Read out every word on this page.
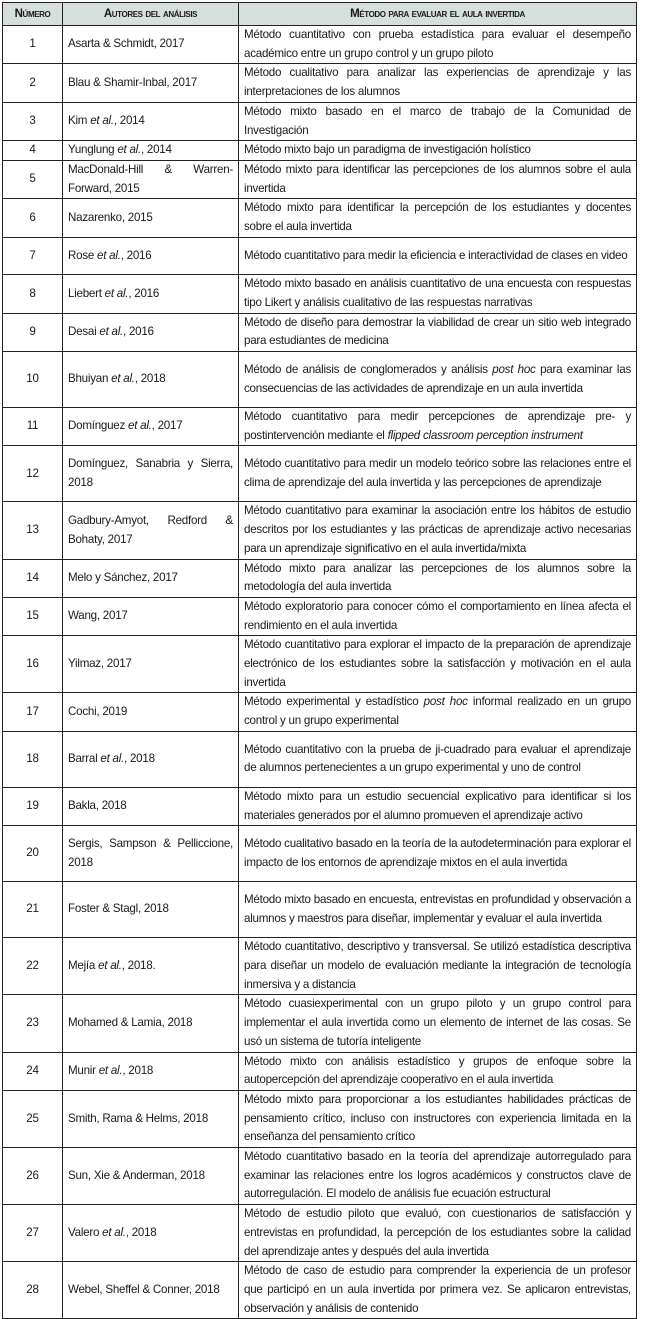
Número	Autores del análisis	Método para evaluar el aula invertida
1	Asarta & Schmidt, 2017	Método cuantitativo con prueba estadística para evaluar el desempeño académico entre un grupo control y un grupo piloto
2	Blau & Shamir-Inbal, 2017	Método cualitativo para analizar las experiencias de aprendizaje y las interpretaciones de los alumnos
3	Kim et al., 2014	Método mixto basado en el marco de trabajo de la Comunidad de Investigación
4	Yunglung et al., 2014	Método mixto bajo un paradigma de investigación holístico
5	MacDonald-Hill & Warren-Forward, 2015	Método mixto para identificar las percepciones de los alumnos sobre el aula invertida
6	Nazarenko, 2015	Método mixto para identificar la percepción de los estudiantes y docentes sobre el aula invertida
7	Rose et al., 2016	Método cuantitativo para medir la eficiencia e interactividad de clases en video
8	Liebert et al., 2016	Método mixto basado en análisis cuantitativo de una encuesta con respuestas tipo Likert y análisis cualitativo de las respuestas narrativas
9	Desai et al., 2016	Método de diseño para demostrar la viabilidad de crear un sitio web integrado para estudiantes de medicina
10	Bhuiyan et al., 2018	Método de análisis de conglomerados y análisis post hoc para examinar las consecuencias de las actividades de aprendizaje en un aula invertida
11	Domínguez et al., 2017	Método cuantitativo para medir percepciones de aprendizaje pre- y postintervención mediante el flipped classroom perception instrument
12	Domínguez, Sanabria y Sierra, 2018	Método cuantitativo para medir un modelo teórico sobre las relaciones entre el clima de aprendizaje del aula invertida y las percepciones de aprendizaje
13	Gadbury-Amyot, Redford & Bohaty, 2017	Método cuantitativo para examinar la asociación entre los hábitos de estudio descritos por los estudiantes y las prácticas de aprendizaje activo necesarias para un aprendizaje significativo en el aula invertida/mixta
14	Melo y Sánchez, 2017	Método mixto para analizar las percepciones de los alumnos sobre la metodología del aula invertida
15	Wang, 2017	Método exploratorio para conocer cómo el comportamiento en línea afecta el rendimiento en el aula invertida
16	Yilmaz, 2017	Método cuantitativo para explorar el impacto de la preparación de aprendizaje electrónico de los estudiantes sobre la satisfacción y motivación en el aula invertida
17	Cochi, 2019	Método experimental y estadístico post hoc informal realizado en un grupo control y un grupo experimental
18	Barral et al., 2018	Método cuantitativo con la prueba de ji-cuadrado para evaluar el aprendizaje de alumnos pertenecientes a un grupo experimental y uno de control
19	Bakla, 2018	Método mixto para un estudio secuencial explicativo para identificar si los materiales generados por el alumno promueven el aprendizaje activo
20	Sergis, Sampson & Pelliccione, 2018	Método cualitativo basado en la teoría de la autodeterminación para explorar el impacto de los entornos de aprendizaje mixtos en el aula invertida
21	Foster & Stagl, 2018	Método mixto basado en encuesta, entrevistas en profundidad y observación a alumnos y maestros para diseñar, implementar y evaluar el aula invertida
22	Mejía et al., 2018.	Método cuantitativo, descriptivo y transversal. Se utilizó estadística descriptiva para diseñar un modelo de evaluación mediante la integración de tecnología inmersiva y a distancia
23	Mohamed & Lamia, 2018	Método cuasiexperimental con un grupo piloto y un grupo control para implementar el aula invertida como un elemento de internet de las cosas. Se usó un sistema de tutoría inteligente
24	Munir et al., 2018	Método mixto con análisis estadístico y grupos de enfoque sobre la autopercepción del aprendizaje cooperativo en el aula invertida
25	Smith, Rama & Helms, 2018	Método mixto para proporcionar a los estudiantes habilidades prácticas de pensamiento crítico, incluso con instructores con experiencia limitada en la enseñanza del pensamiento crítico
26	Sun, Xie & Anderman, 2018	Método cuantitativo basado en la teoría del aprendizaje autorregulado para examinar las relaciones entre los logros académicos y constructos clave de autorregulación. El modelo de análisis fue ecuación estructural
27	Valero et al., 2018	Método de estudio piloto que evaluó, con cuestionarios de satisfacción y entrevistas en profundidad, la percepción de los estudiantes sobre la calidad del aprendizaje antes y después del aula invertida
28	Webel, Sheffel & Conner, 2018	Método de caso de estudio para comprender la experiencia de un profesor que participó en un aula invertida por primera vez. Se aplicaron entrevistas, observación y análisis de contenido
